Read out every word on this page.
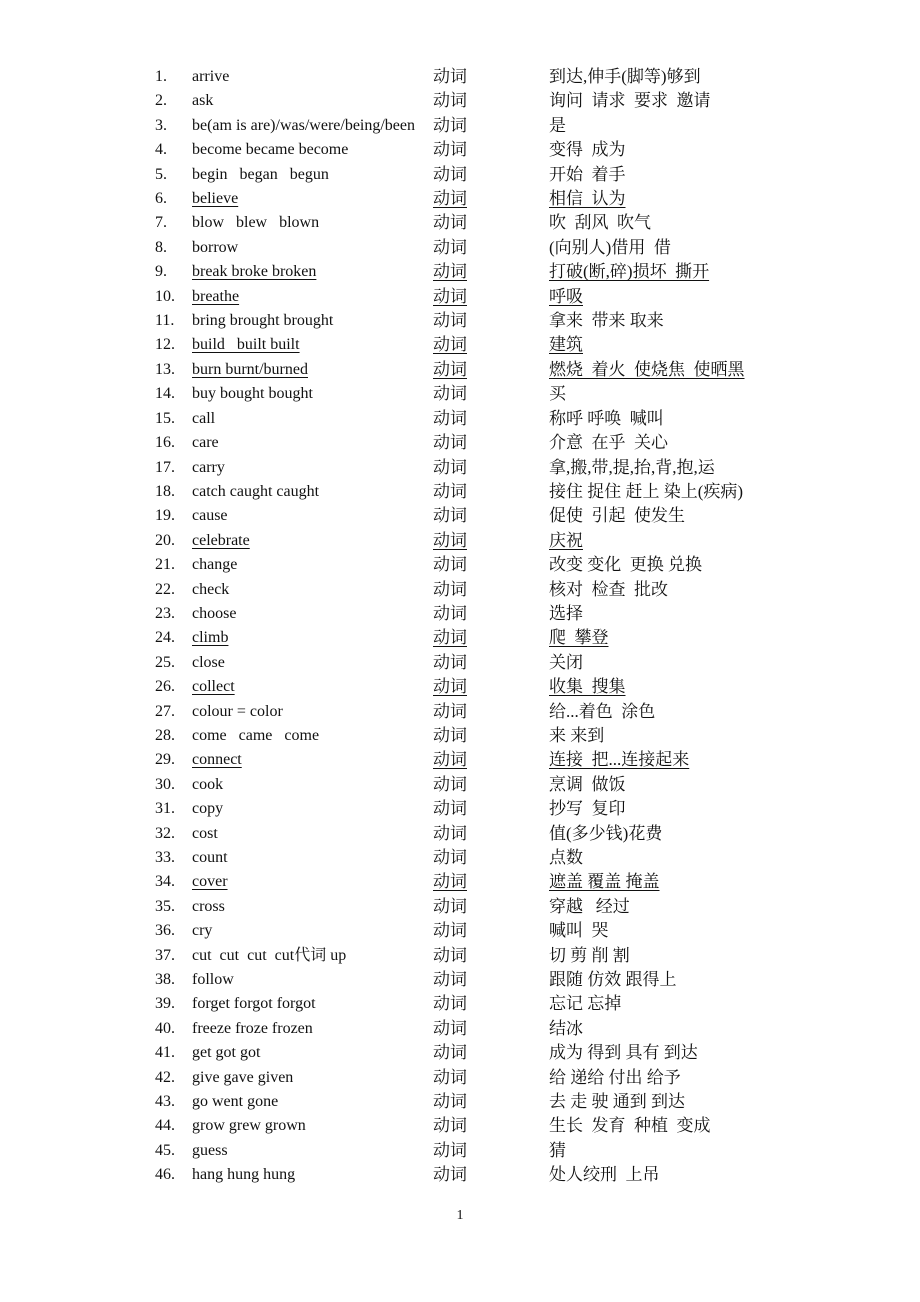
1.	arrive	动词	到达,伸手(脚等)够到
2.	ask	动词	询问  请求  要求  邀请
3.	be(am is are)/was/were/being/been	动词	是
4.	become became become	动词	变得  成为
5.	begin   began   begun	动词	开始  着手
6.	believe	动词	相信  认为
7.	blow   blew   blown	动词	吹  刮风  吹气
8.	borrow	动词	(向别人)借用  借
9.	break broke broken	动词	打破(断,碎)损坏  撕开
10.	breathe	动词	呼吸
11.	bring brought brought	动词	拿来  带来 取来
12.	build   built built	动词	建筑
13.	burn burnt/burned	动词	燃烧  着火  使烧焦  使晒黑
14.	buy bought bought	动词	买
15.	call	动词	称呼 呼唤  喊叫
16.	care	动词	介意  在乎  关心
17.	carry	动词	拿,搬,带,提,抬,背,抱,运
18.	catch caught caught	动词	接住 捉住 赶上 染上(疾病)
19.	cause	动词	促使  引起  使发生
20.	celebrate	动词	庆祝
21.	change	动词	改变 变化  更换 兑换
22.	check	动词	核对  检查  批改
23.	choose	动词	选择
24.	climb	动词	爬  攀登
25.	close	动词	关闭
26.	collect	动词	收集  搜集
27.	colour = color	动词	给...着色  涂色
28.	come   came   come	动词	来 来到
29.	connect	动词	连接  把...连接起来
30.	cook	动词	烹调  做饭
31.	copy	动词	抄写  复印
32.	cost	动词	值(多少钱)花费
33.	count	动词	点数
34.	cover	动词	遮盖 覆盖 掩盖
35.	cross	动词	穿越   经过
36.	cry	动词	喊叫  哭
37.	cut  cut  cut  cut代词 up	动词	切 剪 削 割
38.	follow	动词	跟随 仿效 跟得上
39.	forget forgot forgot	动词	忘记 忘掉
40.	freeze froze frozen	动词	结冰
41.	get got got	动词	成为 得到 具有 到达
42.	give gave given	动词	给 递给 付出 给予
43.	go went gone	动词	去 走 驶 通到 到达
44.	grow grew grown	动词	生长  发育  种植  变成
45.	guess	动词	猜
46.	hang hung hung	动词	处人绞刑  上吊
1
